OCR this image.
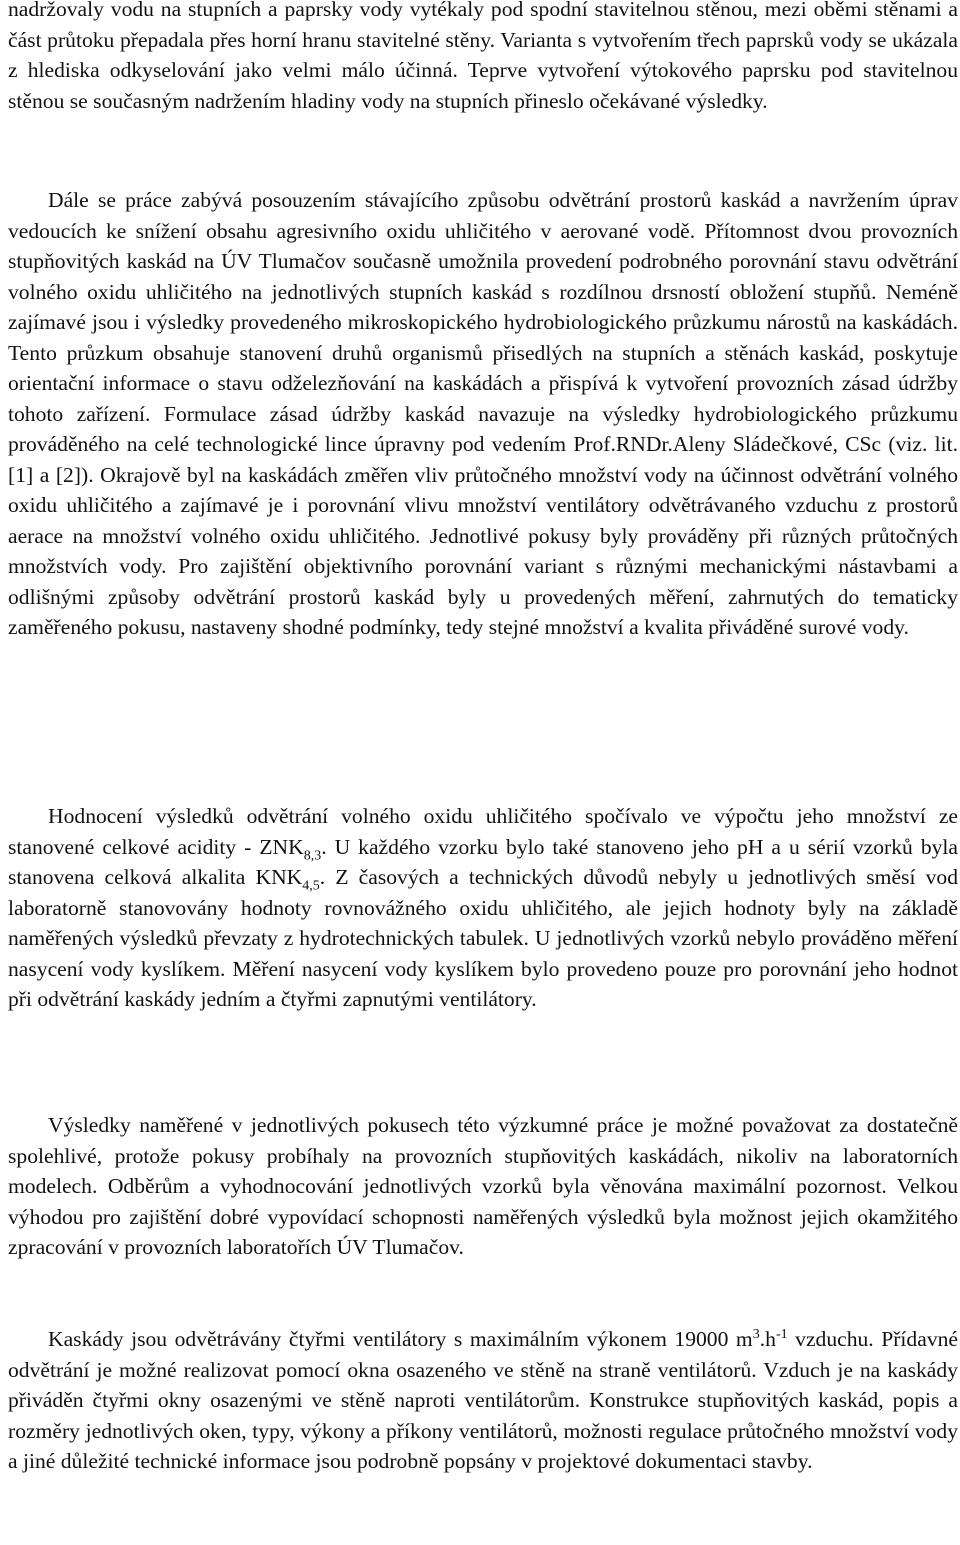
nadržovaly vodu na stupních a paprsky vody vytékaly pod spodní stavitelnou stěnou, mezi oběmi stěnami a část průtoku přepadala přes horní hranu stavitelné stěny. Varianta s vytvořením třech paprsků vody se ukázala z hlediska odkyselování jako velmi málo účinná. Teprve vytvoření výtokového paprsku pod stavitelnou stěnou se současným nadržením hladiny vody na stupních přineslo očekávané výsledky.

Dále se práce zabývá posouzením stávajícího způsobu odvětrání prostorů kaskád a navržením úprav vedoucích ke snížení obsahu agresivního oxidu uhličitého v aerované vodě. Přítomnost dvou provozních stupňovitých kaskád na ÚV Tlumačov současně umožnila provedení podrobného porovnání stavu odvětrání volného oxidu uhličitého na jednotlivých stupních kaskád s rozdílnou drsností obložení stupňů. Neméně zajímavé jsou i výsledky provedeného mikroskopického hydrobiologického průzkumu nárostů na kaskádách. Tento průzkum obsahuje stanovení druhů organismů přisedlých na stupních a stěnách kaskád, poskytuje orientační informace o stavu odželezňování na kaskádách a přispívá k vytvoření provozních zásad údržby tohoto zařízení. Formulace zásad údržby kaskád navazuje na výsledky hydrobiologického průzkumu prováděného na celé technologické lince úpravny pod vedením Prof.RNDr.Aleny Sládečkové, CSc (viz. lit. [1] a [2]). Okrajově byl na kaskádách změřen vliv průtočného množství vody na účinnost odvětrání volného oxidu uhličitého a zajímavé je i porovnání vlivu množství ventilátory odvětrávaného vzduchu z prostorů aerace na množství volného oxidu uhličitého. Jednotlivé pokusy byly prováděny při různých průtočných množstvích vody. Pro zajištění objektivního porovnání variant s různými mechanickými nástavbami a odlišnými způsoby odvětrání prostorů kaskád byly u provedených měření, zahrnutých do tematicky zaměřeného pokusu, nastaveny shodné podmínky, tedy stejné množství a kvalita přiváděné surové vody.

Hodnocení výsledků odvětrání volného oxidu uhličitého spočívalo ve výpočtu jeho množství ze stanovené celkové acidity - $ZNK_{8,3}$. U každého vzorku bylo také stanoveno jeho pH a u sérií vzorků byla stanovena celková alkalita $KNK_{4,5}$. Z časových a technických důvodů nebyly u jednotlivých směsí vod laboratorně stanovovány hodnoty rovnovážného oxidu uhličitého, ale jejich hodnoty byly na základě naměřených výsledků převzaty z hydrotechnických tabulek. U jednotlivých vzorků nebylo prováděno měření nasycení vody kyslíkem. Měření nasycení vody kyslíkem bylo provedeno pouze pro porovnání jeho hodnot při odvětrání kaskády jedním a čtyřmi zapnutými ventilátory.

Výsledky naměřené v jednotlivých pokusech této výzkumné práce je možné považovat za dostatečně spolehlivé, protože pokusy probíhaly na provozních stupňovitých kaskádách, nikoliv na laboratorních modelech. Odběrům a vyhodnocování jednotlivých vzorků byla věnována maximální pozornost. Velkou výhodou pro zajištění dobré vypovídací schopnosti naměřených výsledků byla možnost jejich okamžitého zpracování v provozních laboratořích ÚV Tlumačov.

Kaskády jsou odvětrávány čtyřmi ventilátory s maximálním výkonem 19000 $m^3.h^{-1}$ vzduchu. Přídavné odvětrání je možné realizovat pomocí okna osazeného ve stěně na straně ventilátorů. Vzduch je na kaskády přiváděn čtyřmi okny osazenými ve stěně naproti ventilátorům. Konstrukce stupňovitých kaskád, popis a rozměry jednotlivých oken, typy, výkony a příkony ventilátorů, možnosti regulace průtočného množství vody a jiné důležité technické informace jsou podrobně popsány v projektové dokumentaci stavby.
